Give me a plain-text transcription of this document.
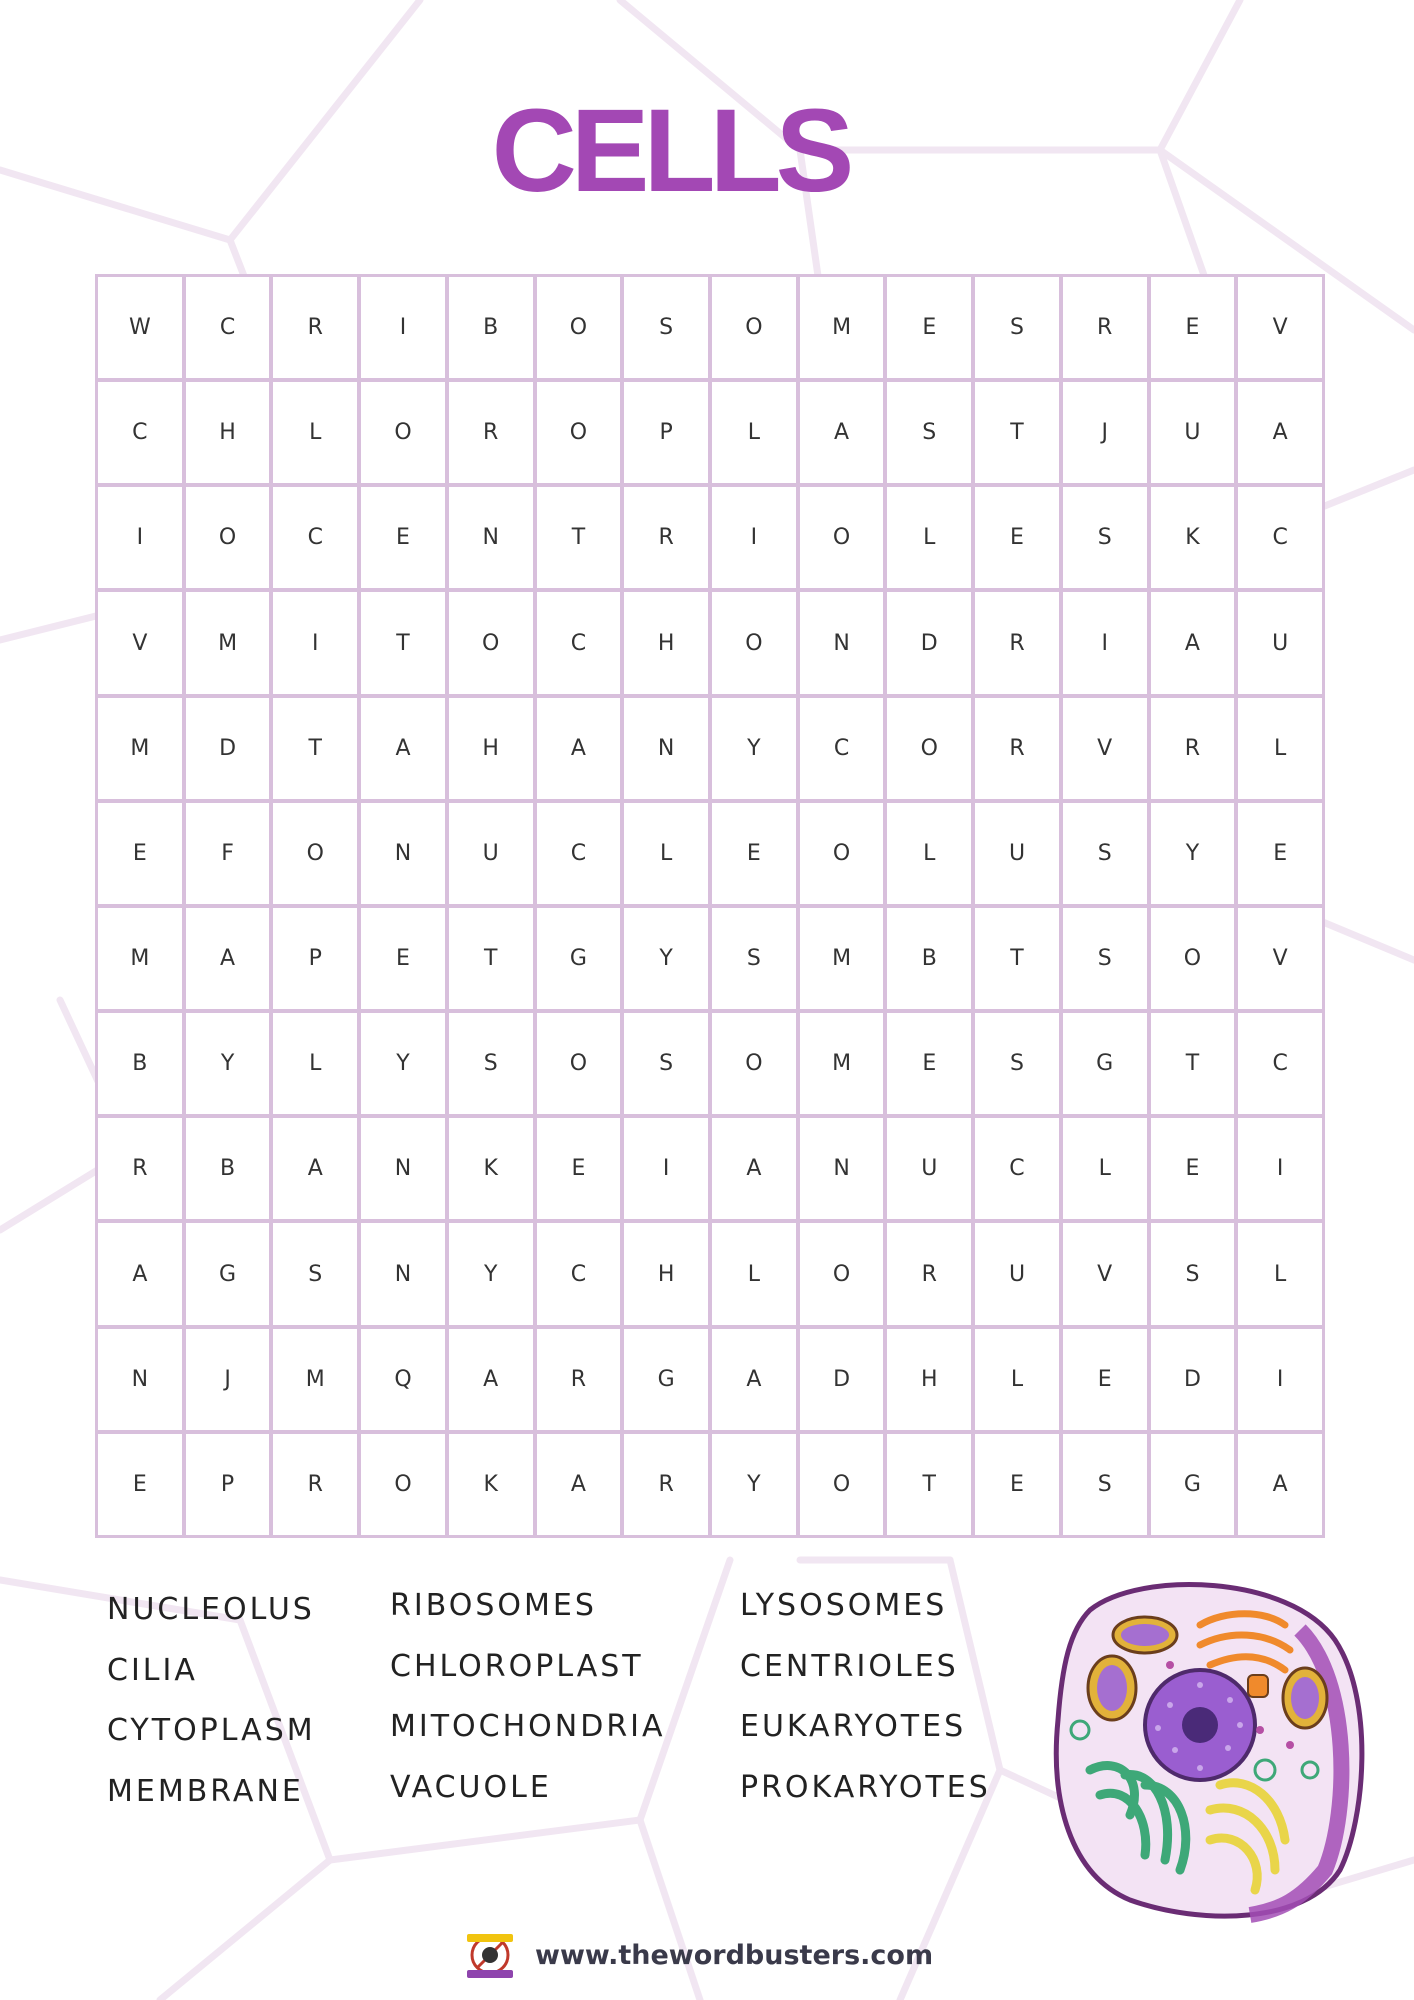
CELLS
W	C	R	I	B	O	S	O	M	E	S	R	E	V
C	H	L	O	R	O	P	L	A	S	T	J	U	A
I	O	C	E	N	T	R	I	O	L	E	S	K	C
V	M	I	T	O	C	H	O	N	D	R	I	A	U
M	D	T	A	H	A	N	Y	C	O	R	V	R	L
E	F	O	N	U	C	L	E	O	L	U	S	Y	E
M	A	P	E	T	G	Y	S	M	B	T	S	O	V
B	Y	L	Y	S	O	S	O	M	E	S	G	T	C
R	B	A	N	K	E	I	A	N	U	C	L	E	I
A	G	S	N	Y	C	H	L	O	R	U	V	S	L
N	J	M	Q	A	R	G	A	D	H	L	E	D	I
E	P	R	O	K	A	R	Y	O	T	E	S	G	A
NUCLEOLUS
CILIA
CYTOPLASM
MEMBRANE
RIBOSOMES
CHLOROPLAST
MITOCHONDRIA
VACUOLE
LYSOSOMES
CENTRIOLES
EUKARYOTES
PROKARYOTES
www.thewordbusters.com
